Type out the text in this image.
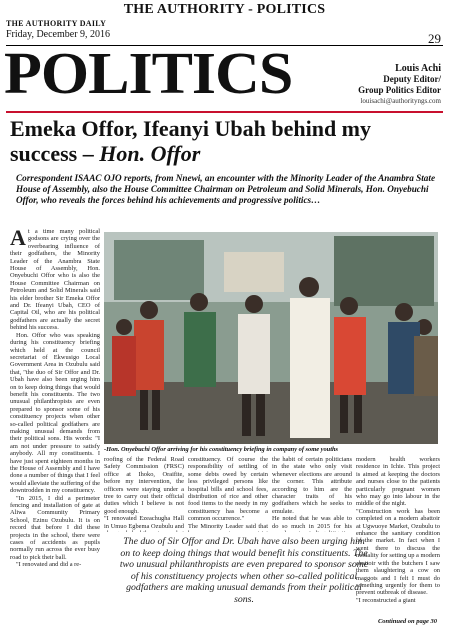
THE AUTHORITY - POLITICS
THE AUTHORITY DAILY
Friday, December 9, 2016	29
POLITICS	Louis Achi
Deputy Editor/
Group Politics Editor
louisachi@authorityngs.com
Emeka Offor, Ifeanyi Ubah behind my success – Hon. Offor
Correspondent ISAAC OJO reports, from Nnewi, an encounter with the Minority Leader of the Anambra State House of Assembly, also the House Committee Chairman on Petroleum and Solid Minerals, Hon. Onyebuchi Offor, who reveals the forces behind his achievements and progressive politics…

At a time many political godsons are crying over the overbearing influence of their godfathers, the Minority Leader of the Anambra State House of Assembly, Hon. Onyebuchi Offor who is also the House Committee Chairman on Petroleum and Solid Minerals said his elder brother Sir Emeka Offor and Dr. Ifeanyi Ubah, CEO of Capital Oil, who are his political godfathers are actually the secret behind his success.

Hon. Offor who was speaking during his constituency briefing which held at the council secretariat of Ekwusigo Local Government Area in Ozubulu said that, "the duo of Sir Offor and Dr. Ubah have also been urging him on to keep doing things that would benefit his constituents. The two unusual philanthropists are even prepared to sponsor some of his constituency projects when other so-called political godfathers are making unusual demands from their political sons. His words: "I am not under pressure to satisfy anybody. All my constituents. I have just spent eighteen months in the House of Assembly and I have done a number of things that I feel would alleviate the suffering of the downtrodden in my constituency.

"In 2015, I did a perimeter fencing and installation of gate at Aliwa Community Primary School, Ezinu Ozubulu. It is on record that before I did these projects in the school, there were cases of accidents as pupils normally run across the ever busy road to pick their ball.

"I renovated and did a re-

-Hon. Onyebuchi Offor arriving for his constituency briefing in company of some youths

roofing of the Federal Road Safety Commission (FRSC) office at Ihoko, Oraifite, before my intervention, the officers were staying under a tree to carry out their official duties which I believe is not good enough.
"I renovated Ezeachugha Hall in Umuo Egbema Ozubulu and

constituency. Of course the responsibility of settling of some debts owed by certain less privileged persons like hospital bills and school fees, distribution of rice and other food items to the needy in my constituency has become a common occurrence."
The Minority Leader said that

the habit of certain politicians in the state who only visit whenever elections are around the corner. This attribute according to him are the character traits of his godfathers which he seeks to emulate.
He noted that he was able to do so much in 2015 for his

modern health workers residence in Ichie. This project is aimed at keeping the doctors and nurses close to the patients particularly pregnant women who may go into labour in the middle of the night.
"Construction work has been completed on a modern abattoir at Ugwuoye Market, Ozubulu to enhance the sanitary condition of the market. In fact when I went there to discuss the modality for setting up a modern abattoir with the butchers I saw them slaughtering a cow on maggots and I felt I must do something urgently for them to prevent outbreak of disease.
"I reconstructed a giant

The duo of Sir Offor and Dr. Ubah have also been urging him on to keep doing things that would benefit his constituents. The two unusual philanthropists are even prepared to sponsor some of his constituency projects when other so-called political godfathers are making unusual demands from their political sons.
Continued on page 30
